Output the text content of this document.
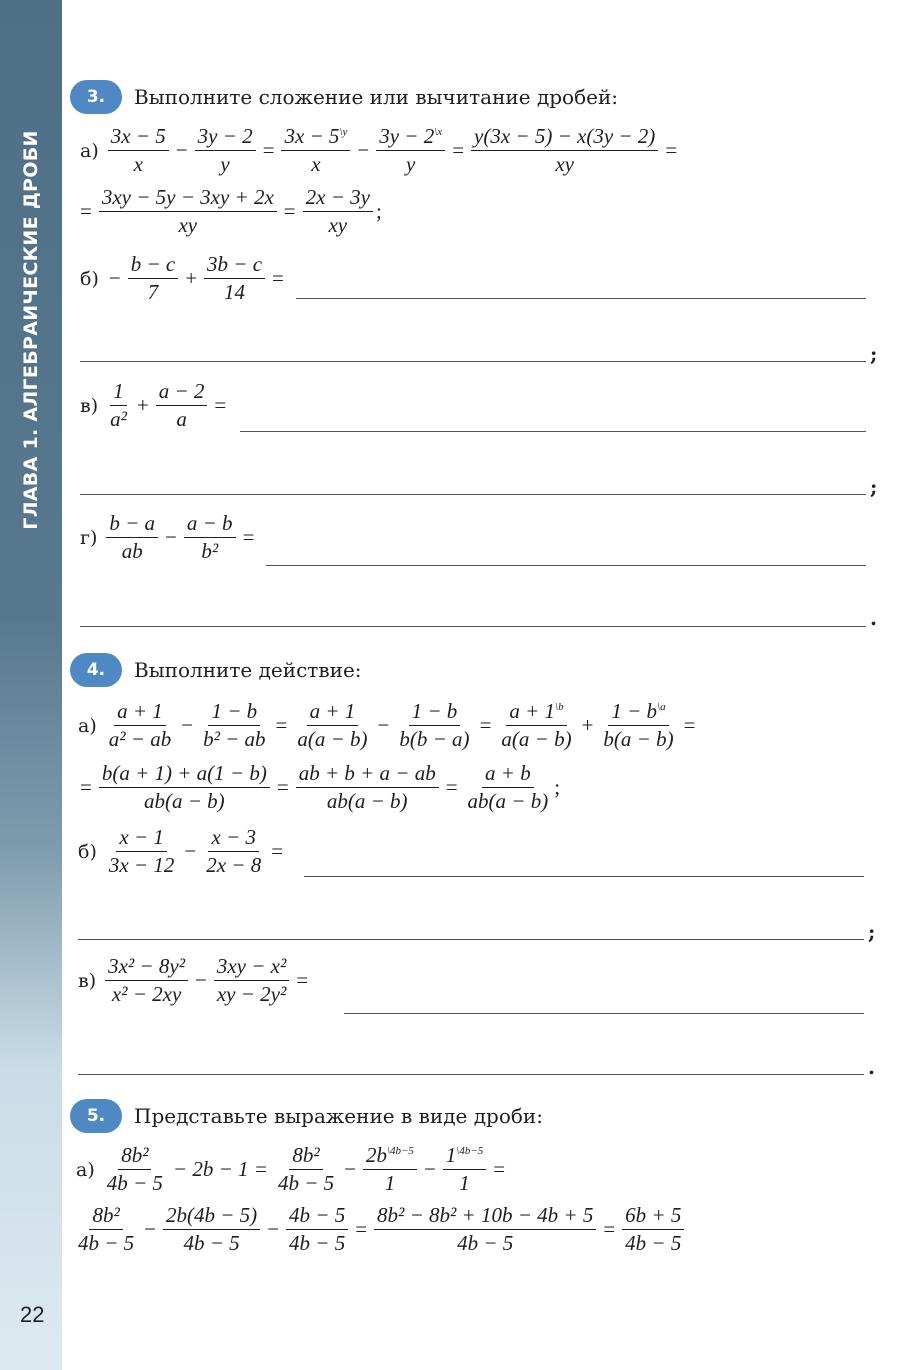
ГЛАВА 1. АЛГЕБРАИЧЕСКИЕ ДРОБИ
22
3.	Выполните сложение или вычитание дробей:
$а) \frac{3x - 5}{x} - \frac{3y - 2}{y} = \frac{3x - 5^{\backslash y}}{x} - \frac{3y - 2^{\backslash x}}{y} = \frac{y(3x - 5) - x(3y - 2)}{xy}$ =
= $\frac{3xy - 5y - 3xy + 2x}{xy} = \frac{2x - 3y}{xy}$ ;
$б) - \frac{b - c}{7} + \frac{3b - c}{14}$ =
;
$в) \frac{1}{\text{a²}} + \frac{a - 2}{a}$ =
;
$г) \frac{b - a}{ab} - \frac{a - b}{\text{b²}}$ =
.
4.	Выполните действие:
$а) \frac{a + 1}{\text{a² − ab}} - \frac{1 - b}{\text{b² − ab}} = \frac{a + 1}{a(a - b)} - \frac{1 - b}{b(b - a)} = \frac{a + 1^{\backslash b}}{a(a - b)} + \frac{1 - b^{\backslash a}}{b(a - b)}$ =
= $\frac{b(a + 1) + a(1 - b)}{ab(a - b)} = \frac{ab + b + a - ab}{ab(a - b)} = \frac{a + b}{ab(a - b)}$ ;
$б) \frac{x - 1}{3x - 12} - \frac{x - 3}{2x - 8}$ =
;
$в) \frac{\text{3x² − 8y²}}{\text{x² − 2xy}} - \frac{\text{3xy − x²}}{\text{xy − 2y²}}$ =
.
5.	Представьте выражение в виде дроби:
$а) \frac{\text{8b²}}{4b - 5} - 2b - 1 = \frac{\text{8b²}}{4b - 5} - \frac{2b^{\backslash 4b-5}}{1} - \frac{1^{\backslash 4b-5}}{1}$ =
$\frac{\text{8b²}}{4b - 5} - \frac{2b(4b - 5)}{4b - 5} - \frac{4b - 5}{4b - 5} = \frac{\text{8b² − 8b² + 10b − 4b + 5}}{4b - 5} = \frac{6b + 5}{4b - 5}$
